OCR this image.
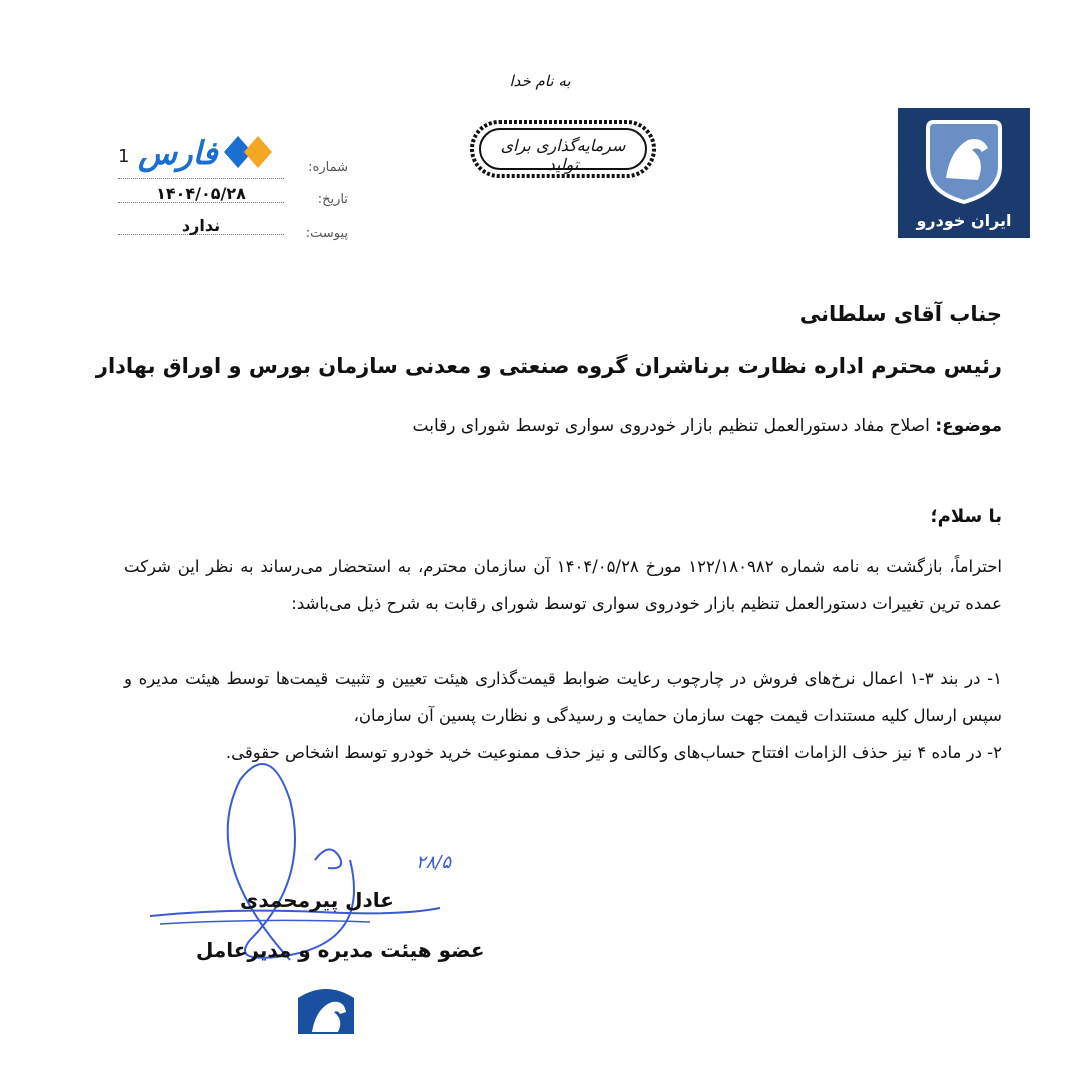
به نام خدا
سرمایه‌گذاری برای تولید
ایران خودرو
1 فارس	شماره:
تاریخ:
۱۴۰۴/۰۵/۲۸
پیوست:
ندارد
جناب آقای سلطانی
رئیس محترم اداره نظارت برناشران گروه صنعتی و معدنی سازمان بورس و اوراق بهادار
موضوع: اصلاح مفاد دستورالعمل تنظیم بازار خودروی سواری توسط شورای رقابت
با سلام؛
احتراماً، بازگشت به نامه شماره ۱۲۲/۱۸۰۹۸۲ مورخ ۱۴۰۴/۰۵/۲۸ آن سازمان محترم، به استحضار می‌رساند به نظر این شرکت عمده ترین تغییرات دستورالعمل تنظیم بازار خودروی سواری توسط شورای رقابت به شرح ذیل می‌باشد:
۱- در بند ۳-۱ اعمال نرخ‌های فروش در چارچوب رعایت ضوابط قیمت‌گذاری هیئت تعیین و تثبیت قیمت‌ها توسط هیئت مدیره و سپس ارسال کلیه مستندات قیمت جهت سازمان حمایت و رسیدگی و نظارت پسین آن سازمان،
۲- در ماده ۴ نیز حذف الزامات افتتاح حساب‌های وکالتی و نیز حذف ممنوعیت خرید خودرو توسط اشخاص حقوقی.
۲۸/۵
عادل پیرمحمدی
عضو هیئت مدیره و مدیرعامل
